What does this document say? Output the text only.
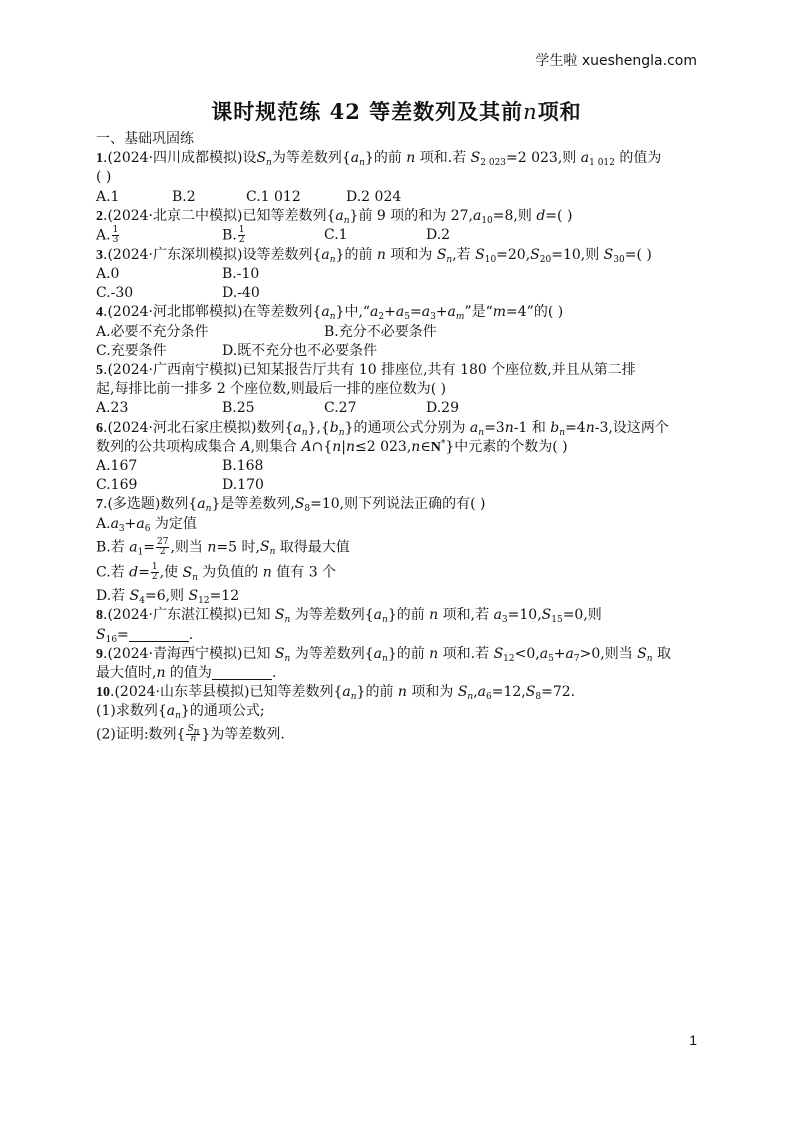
学生啦 xueshengla.com
课时规范练 42 等差数列及其前n项和
一、基础巩固练
1.(2024·四川成都模拟)设$S_n$为等差数列$\{a_n\}$的前 n 项和.若 $S_{2 023}=2$ 023,则 $a_{1 012}$ 的值为
( )
A.1	B.2	C.1 012	D.2 024
2.(2024·北京二中模拟)已知等差数列$\{a_n\}$前 9 项的和为 $27,a_{10}=8$,则 d=( )
A. $\frac{1}{3}$	B. $\frac{1}{2}$	C.1	D.2
3.(2024·广东深圳模拟)设等差数列$\{a_n\}$的前 n 项和为 $S_n$,若 $S_{10}=20,S_{20}=10$,则 $S_{30}=$( )
A.0	B.-10
C.-30	D.-40
4.(2024·河北邯郸模拟)在等差数列$\{a_n\}$中$,“a_2+a_5=a_3+a_m$”是“m=4”的( )
A.必要不充分条件	B.充分不必要条件
C.充要条件	D.既不充分也不必要条件
5.(2024·广西南宁模拟)已知某报告厅共有 10 排座位,共有 180 个座位数,并且从第二排
起,每排比前一排多 2 个座位数,则最后一排的座位数为( )
A.23	B.25	C.27	D.29
6.(2024·河北石家庄模拟)数列$\{a_n\},\{b_n\}$的通项公式分别为 $a_n=3n-1$ 和 $b_n=4n-3$,设这两个
数列的公共项构成集合 A,则集合 A∩{n|n≤2 023,n∈N*}中元素的个数为( )
A.167	B.168
C.169	D.170
7.(多选题)数列$\{a_n\}$是等差数列$,S_8=10$,则下列说法正确的有( )
$A.a_3+a_6$ 为定值
B.若 $a_1= \frac{27}{2}$ ,则当 n=5 时$,S_n$ 取得最大值
C.若 $d= \frac{1}{2}$ ,使 $S_n$ 为负值的 n 值有 3 个
D.若 $S_4=6$,则 $S_{12}=12$
8.(2024·广东湛江模拟)已知 $S_n$ 为等差数列$\{a_n\}$的前 n 项和,若 $a_3=10,S_{15}=0$,则
$S_{16}=$	.
9.(2024·青海西宁模拟)已知 $S_n$ 为等差数列$\{a_n\}$的前 n 项和.若 $S_{12}<0,a_5+a_7>0$,则当 $S_n$ 取
最大值时,n 的值为	.
10.(2024·山东莘县模拟)已知等差数列$\{a_n\}$的前 n 项和为 $S_n,a_6=12,S_8=72$.
(1)求数列$\{a_n\}$的通项公式;
(2)证明:数列{ $\frac{S_n}{n}$ }为等差数列.
1
